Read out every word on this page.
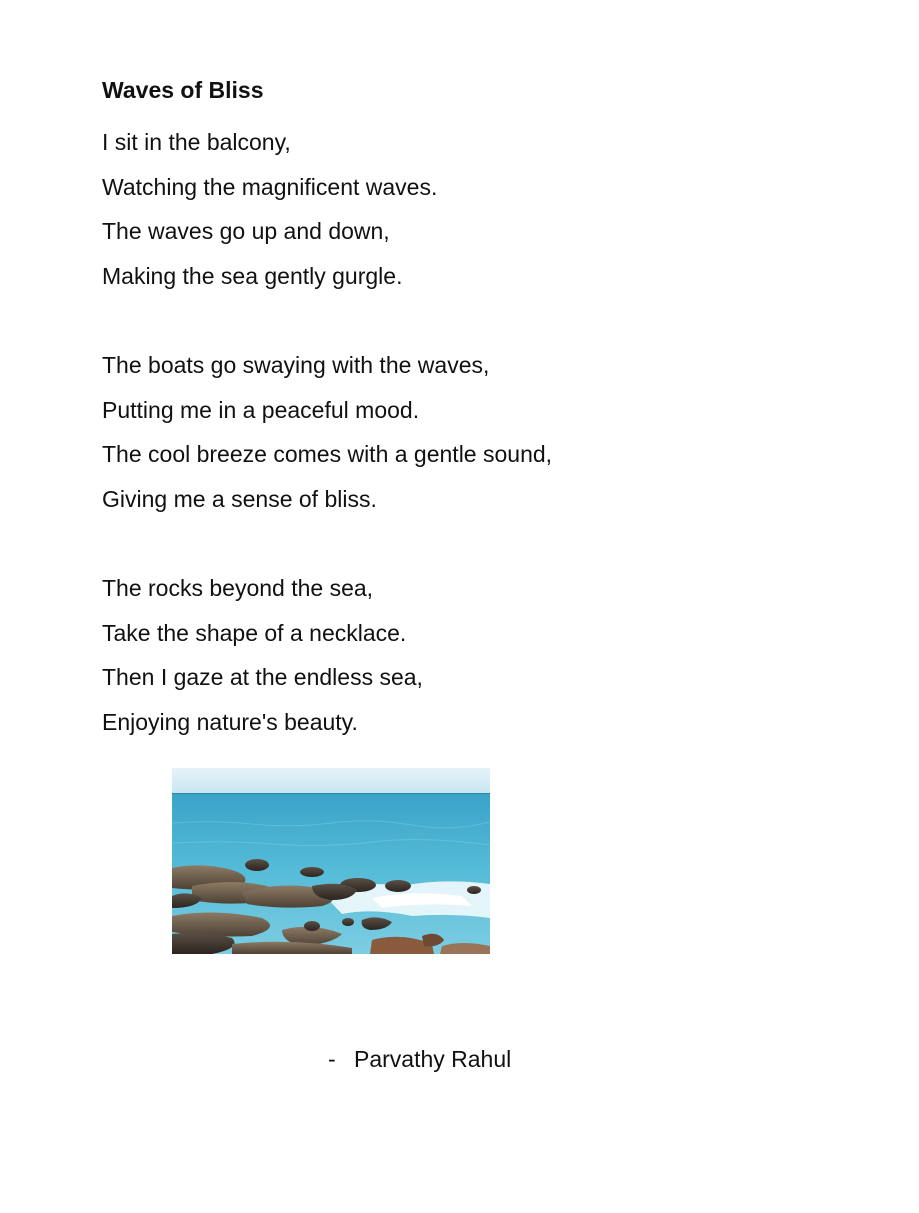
Waves of Bliss
I sit in the balcony,
Watching the magnificent waves.
The waves go up and down,
Making the sea gently gurgle.
The boats go swaying with the waves,
Putting me in a peaceful mood.
The cool breeze comes with a gentle sound,
Giving me a sense of bliss.
The rocks beyond the sea,
Take the shape of a necklace.
Then I gaze at the endless sea,
Enjoying nature's beauty.
- Parvathy Rahul
